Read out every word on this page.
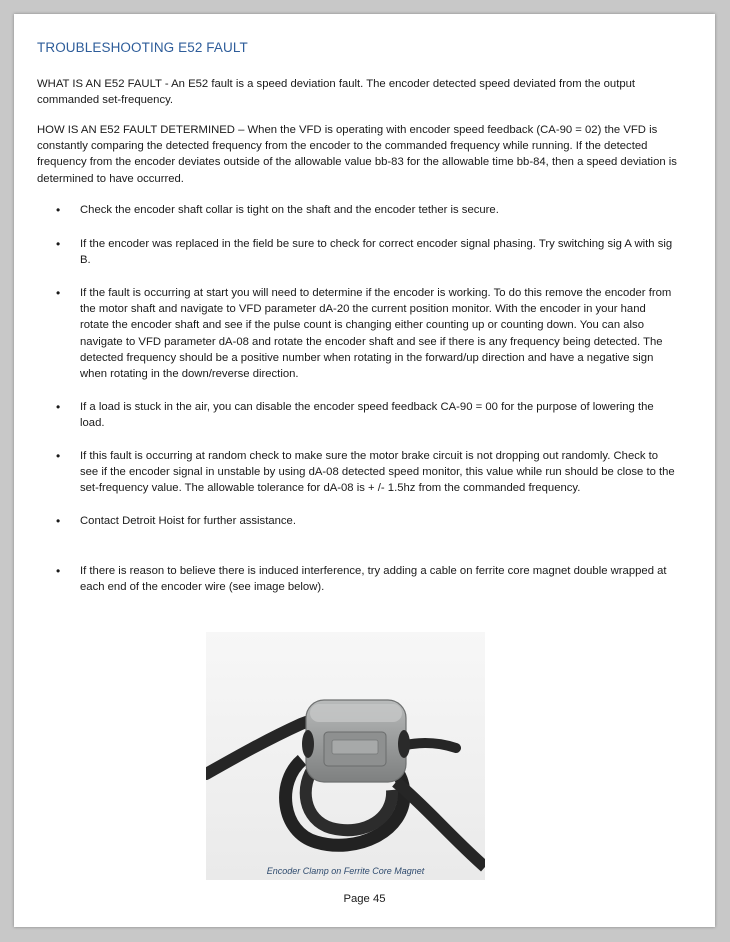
TROUBLESHOOTING E52 FAULT
WHAT IS AN E52 FAULT - An E52 fault is a speed deviation fault. The encoder detected speed deviated from the output commanded set-frequency.
HOW IS AN E52 FAULT DETERMINED – When the VFD is operating with encoder speed feedback (CA-90 = 02) the VFD is constantly comparing the detected frequency from the encoder to the commanded frequency while running. If the detected frequency from the encoder deviates outside of the allowable value bb-83 for the allowable time bb-84, then a speed deviation is determined to have occurred.
• Check the encoder shaft collar is tight on the shaft and the encoder tether is secure.
• If the encoder was replaced in the field be sure to check for correct encoder signal phasing. Try switching sig A with sig B.
• If the fault is occurring at start you will need to determine if the encoder is working. To do this remove the encoder from the motor shaft and navigate to VFD parameter dA-20 the current position monitor. With the encoder in your hand rotate the encoder shaft and see if the pulse count is changing either counting up or counting down. You can also navigate to VFD parameter dA-08 and rotate the encoder shaft and see if there is any frequency being detected. The detected frequency should be a positive number when rotating in the forward/up direction and have a negative sign when rotating in the down/reverse direction.
• If a load is stuck in the air, you can disable the encoder speed feedback CA-90 = 00 for the purpose of lowering the load.
• If this fault is occurring at random check to make sure the motor brake circuit is not dropping out randomly. Check to see if the encoder signal in unstable by using dA-08 detected speed monitor, this value while run should be close to the set-frequency value. The allowable tolerance for dA-08 is + /- 1.5hz from the commanded frequency.
• Contact Detroit Hoist for further assistance.
• If there is reason to believe there is induced interference, try adding a cable on ferrite core magnet double wrapped at each end of the encoder wire (see image below).
Encoder Clamp on Ferrite Core Magnet
Page 45
